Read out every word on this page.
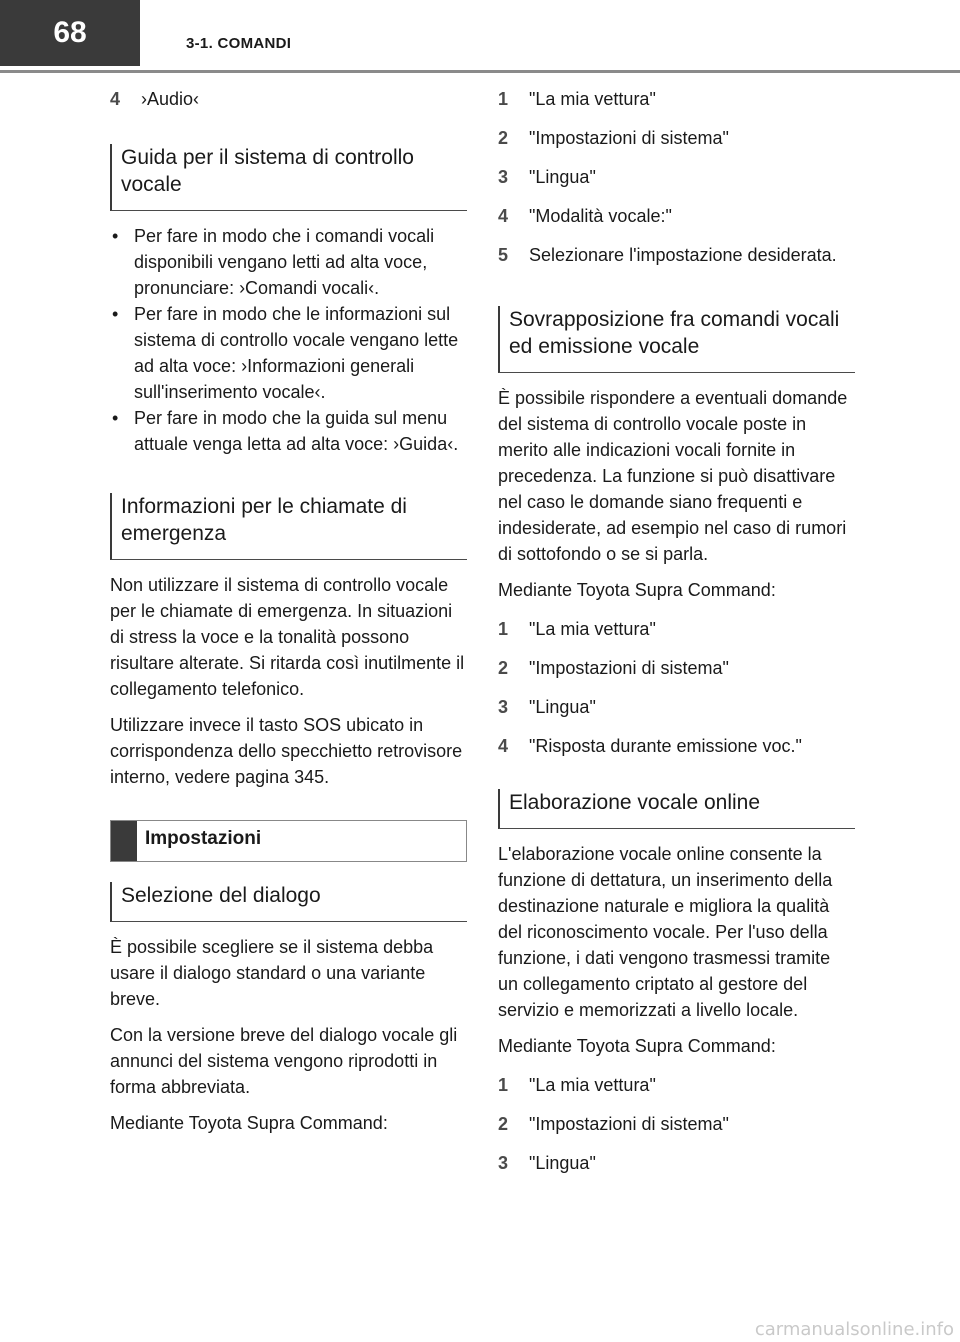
68	3-1. COMANDI
4	›Audio‹
Guida per il sistema di controllo vocale
• Per fare in modo che i comandi vocali disponibili vengano letti ad alta voce, pronunciare: ›Comandi vocali‹.
• Per fare in modo che le informazioni sul sistema di controllo vocale vengano lette ad alta voce: ›Informazioni generali sull'inserimento vocale‹.
• Per fare in modo che la guida sul menu attuale venga letta ad alta voce: ›Guida‹.
Informazioni per le chiamate di emergenza

Non utilizzare il sistema di controllo vocale per le chiamate di emergenza. In situazioni di stress la voce e la tonalità possono risultare alterate. Si ritarda così inutilmente il collegamento telefonico.

Utilizzare invece il tasto SOS ubicato in corrispondenza dello specchietto retrovisore interno, vedere pagina 345.

Impostazioni
Selezione del dialogo

È possibile scegliere se il sistema debba usare il dialogo standard o una variante breve.

Con la versione breve del dialogo vocale gli annunci del sistema vengono riprodotti in forma abbreviata.

Mediante Toyota Supra Command:

1	"La mia vettura"
2	"Impostazioni di sistema"
3	"Lingua"
4	"Modalità vocale:"
5	Selezionare l'impostazione desiderata.
Sovrapposizione fra comandi vocali ed emissione vocale

È possibile rispondere a eventuali domande del sistema di controllo vocale poste in merito alle indicazioni vocali fornite in precedenza. La funzione si può disattivare nel caso le domande siano frequenti e indesiderate, ad esempio nel caso di rumori di sottofondo o se si parla.

Mediante Toyota Supra Command:

1	"La mia vettura"
2	"Impostazioni di sistema"
3	"Lingua"
4	"Risposta durante emissione voc."
Elaborazione vocale online

L'elaborazione vocale online consente la funzione di dettatura, un inserimento della destinazione naturale e migliora la qualità del riconoscimento vocale. Per l'uso della funzione, i dati vengono trasmessi tramite un collegamento criptato al gestore del servizio e memorizzati a livello locale.

Mediante Toyota Supra Command:

1	"La mia vettura"
2	"Impostazioni di sistema"
3	"Lingua"
carmanualsonline.info
